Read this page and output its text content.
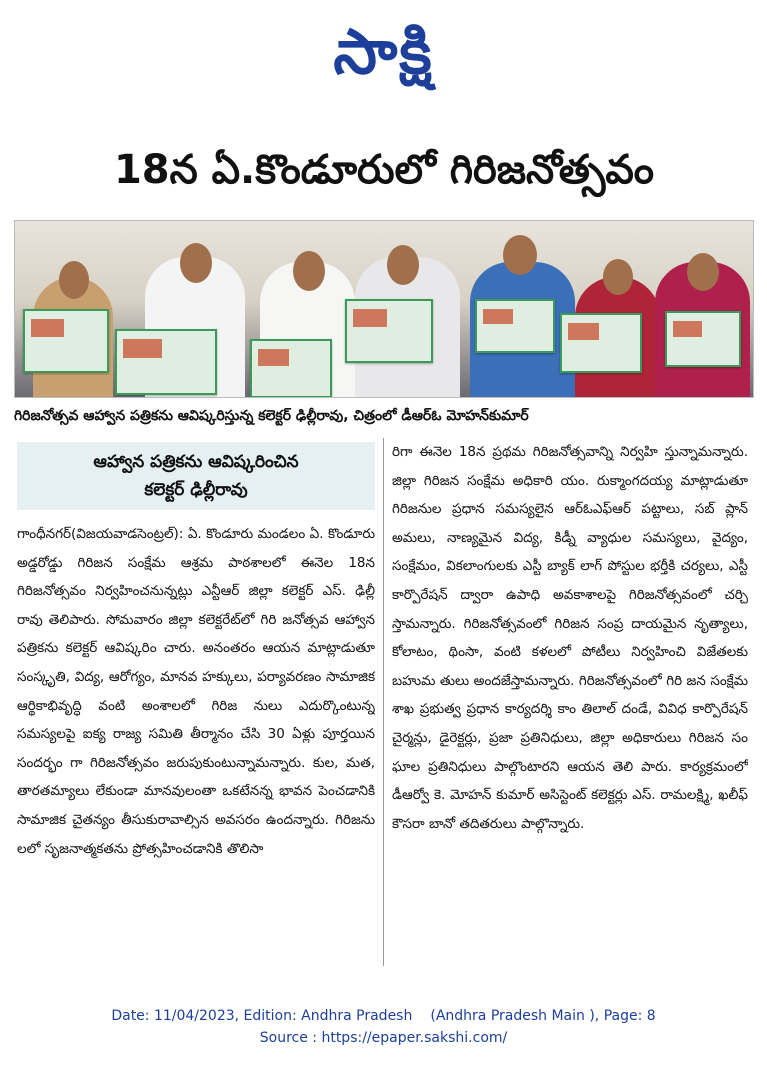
సాక్షి
18న ఏ.కొండూరులో గిరిజనోత్సవం
గిరిజనోత్సవ ఆహ్వాన పత్రికను ఆవిష్కరిస్తున్న కలెక్టర్ ఢిల్లీరావు, చిత్రంలో డీఆర్ఓ మోహన్‌కుమార్
ఆహ్వాన పత్రికను ఆవిష్కరించిన
కలెక్టర్ ఢిల్లీరావు
గాంధీనగర్(విజయవాడసెంట్రల్): ఏ. కొండూరు మండలం ఏ. కొండూరు అడ్డరోడ్డు గిరిజన సంక్షేమ ఆశ్రమ పాఠశాలలో ఈనెల 18న గిరిజనోత్సవం నిర్వహించనున్నట్లు ఎన్టీఆర్ జిల్లా కలెక్టర్ ఎస్. ఢిల్లీ రావు తెలిపారు. సోమవారం జిల్లా కలెక్టరేట్‌లో గిరి జనోత్సవ ఆహ్వాన పత్రికను కలెక్టర్ ఆవిష్కరిం చారు. అనంతరం ఆయన మాట్లాడుతూ సంస్కృతి, విద్య, ఆరోగ్యం, మానవ హక్కులు, పర్యావరణం సామాజిక ఆర్థికాభివృద్ధి వంటి అంశాలలో గిరిజ నులు ఎదుర్కొంటున్న సమస్యలపై ఐక్య రాజ్య సమితి తీర్మానం చేసి 30 ఏళ్లు పూర్తయిన సందర్భం గా గిరిజనోత్సవం జరుపుకుంటున్నామన్నారు. కుల, మత, తారతమ్యాలు లేకుండా మానవులంతా ఒకటేనన్న భావన పెంచడానికి సామాజిక చైతన్యం తీసుకురావాల్సిన అవసరం ఉందన్నారు. గిరిజను లలో సృజనాత్మకతను ప్రోత్సహించడానికి తొలిసా
రిగా ఈనెల 18న ప్రథమ గిరిజనోత్సవాన్ని నిర్వహి స్తున్నామన్నారు. జిల్లా గిరిజన సంక్షేమ అధికారి యం. రుక్మాంగదయ్య మాట్లాడుతూ గిరిజనుల ప్రధాన సమస్యలైన ఆర్ఓఎఫ్ఆర్ పట్టాలు, సబ్ ప్లాన్ అమలు, నాణ్యమైన విద్య, కిడ్నీ వ్యాధుల సమస్యలు, వైద్యం, సంక్షేమం, వికలాంగులకు ఎస్టీ బ్యాక్ లాగ్ పోస్టుల భర్తీకి చర్యలు, ఎస్టీ కార్పొరేషన్ ద్వారా ఉపాధి అవకాశాలపై గిరిజనోత్సవంలో చర్చి స్తామన్నారు. గిరిజనోత్సవంలో గిరిజన సంప్ర దాయమైన నృత్యాలు, కోలాటం, థింసా, వంటి కళలలో పోటీలు నిర్వహించి విజేతలకు బహుమ తులు అందజేస్తామన్నారు. గిరిజనోత్సవంలో గిరి జన సంక్షేమ శాఖ ప్రభుత్వ ప్రధాన కార్యదర్శి కాం తిలాల్ దండే, వివిధ కార్పొరేషన్ చైర్మన్లు, డైరెక్టర్లు, ప్రజా ప్రతినిధులు, జిల్లా అధికారులు గిరిజన సం ఘాల ప్రతినిధులు పాల్గొంటారని ఆయన తెలి పారు. కార్యక్రమంలో డీఆర్వో కె. మోహన్ కుమార్ అసిస్టెంట్ కలెక్టర్లు ఎస్. రామలక్ష్మి, ఖలీఫ్ కౌసరా బానో తదితరులు పాల్గొన్నారు.
Date: 11/04/2023, Edition: Andhra Pradesh (Andhra Pradesh Main ), Page: 8
Source : https://epaper.sakshi.com/
